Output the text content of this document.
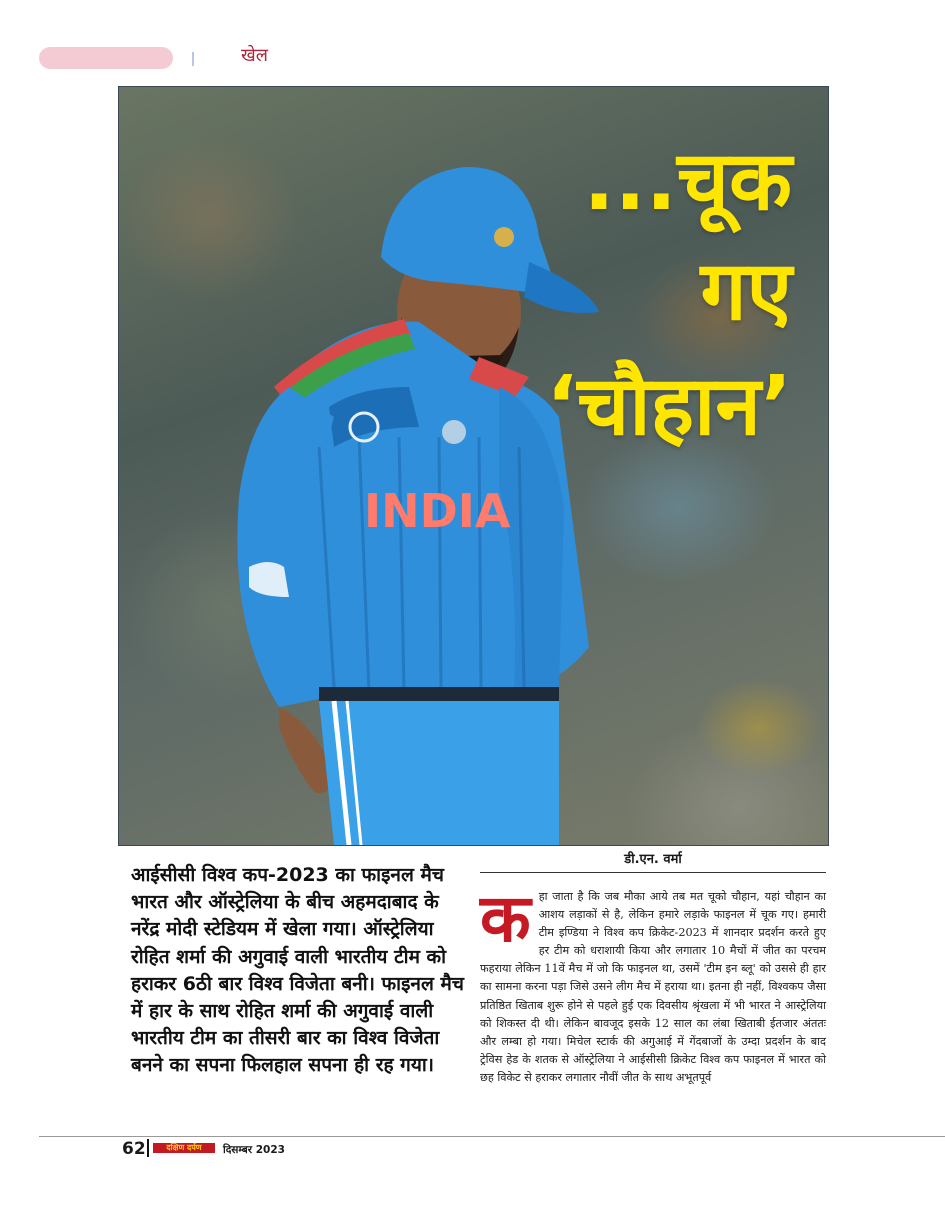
खेल
INDIA
...चूक
गए
‘चौहान’
आईसीसी विश्व कप-2023 का फाइनल मैच भारत और ऑस्ट्रेलिया के बीच अहमदाबाद के नरेंद्र मोदी स्टेडियम में खेला गया। ऑस्ट्रेलिया रोहित शर्मा की अगुवाई वाली भारतीय टीम को हराकर 6ठी बार विश्व विजेता बनी। फाइनल मैच में हार के साथ रोहित शर्मा की अगुवाई वाली भारतीय टीम का तीसरी बार का विश्व विजेता बनने का सपना फिलहाल सपना ही रह गया।
डी.एन. वर्मा
क हा जाता है कि जब मौका आये तब मत चूको चौहान, यहां चौहान का आशय लड़ाकों से है, लेकिन हमारे लड़ाके फाइनल में चूक गए। हमारी टीम इण्डिया ने विश्व कप क्रिकेट-2023 में शानदार प्रदर्शन करते हुए हर टीम को धराशायी किया और लगातार 10 मैचों में जीत का परचम फहराया लेकिन 11वें मैच में जो कि फाइनल था, उसमें 'टीम इन ब्लू' को उससे ही हार का सामना करना पड़ा जिसे उसने लीग मैच में हराया था। इतना ही नहीं, विश्वकप जैसा प्रतिष्ठित खिताब शुरू होने से पहले हुई एक दिवसीय श्रृंखला में भी भारत ने आस्ट्रेलिया को शिकस्त दी थी। लेकिन बावजूद इसके 12 साल का लंबा खिताबी ईतजार अंततः और लम्बा हो गया। मिचेल स्टार्क की अगुआई में गेंदबाजों के उम्दा प्रदर्शन के बाद ट्रेविस हेड के शतक से ऑस्ट्रेलिया ने आईसीसी क्रिकेट विश्व कप फाइनल में भारत को छह विकेट से हराकर लगातार नौवीं जीत के साथ अभूतपूर्व
62	दक्षिण दर्पण	दिसम्बर 2023
